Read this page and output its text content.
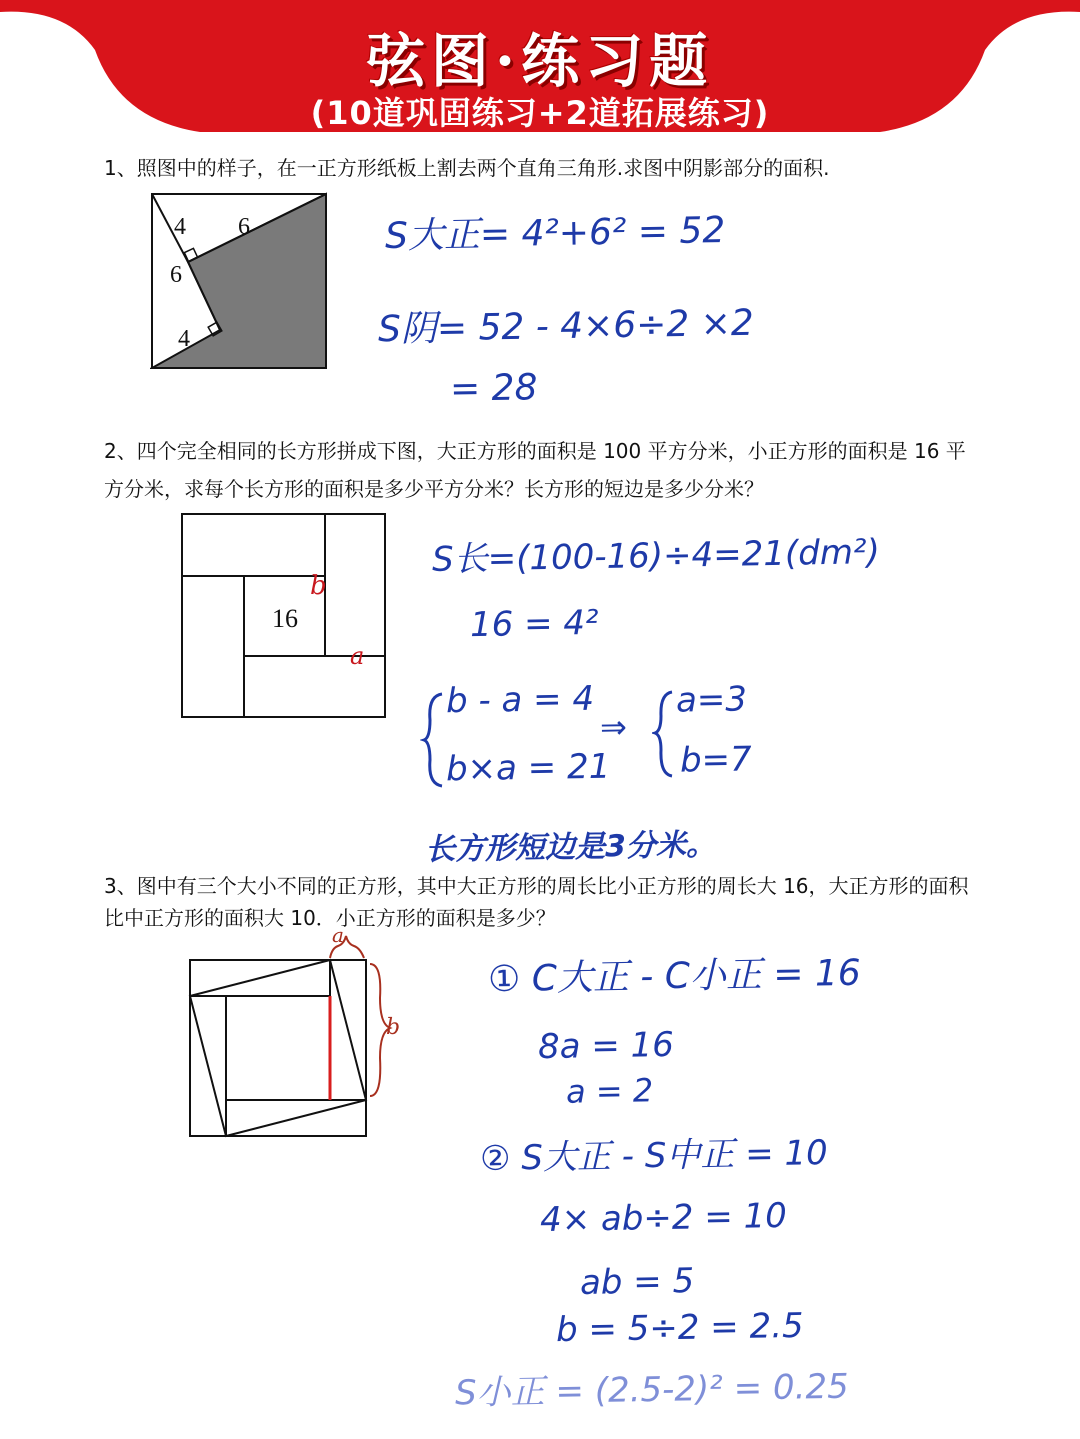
弦图·练习题
(10道巩固练习+2道拓展练习)
1、照图中的样子，在一正方形纸板上割去两个直角三角形.求图中阴影部分的面积.
4 6
6
4
S大正= 4²+6² = 52
S阴= 52 - 4×6÷2 ×2
= 28
2、四个完全相同的长方形拼成下图，大正方形的面积是 100 平方分米，小正方形的面积是 16 平方分米，求每个长方形的面积是多少平方分米？长方形的短边是多少分米？
16
b
a
S长=(100-16)÷4=21(dm²)
16 = 4²
b - a = 4
b×a = 21
⇒
a=3
b=7
长方形短边是3分米。
3、图中有三个大小不同的正方形，其中大正方形的周长比小正方形的周长大 16，大正方形的面积比中正方形的面积大 10．小正方形的面积是多少？
a
b
① C大正 - C小正 = 16
8a = 16
a = 2
② S大正 - S中正 = 10
4× ab÷2 = 10
ab = 5
b = 5÷2 = 2.5
S小正 = (2.5-2)² = 0.25
